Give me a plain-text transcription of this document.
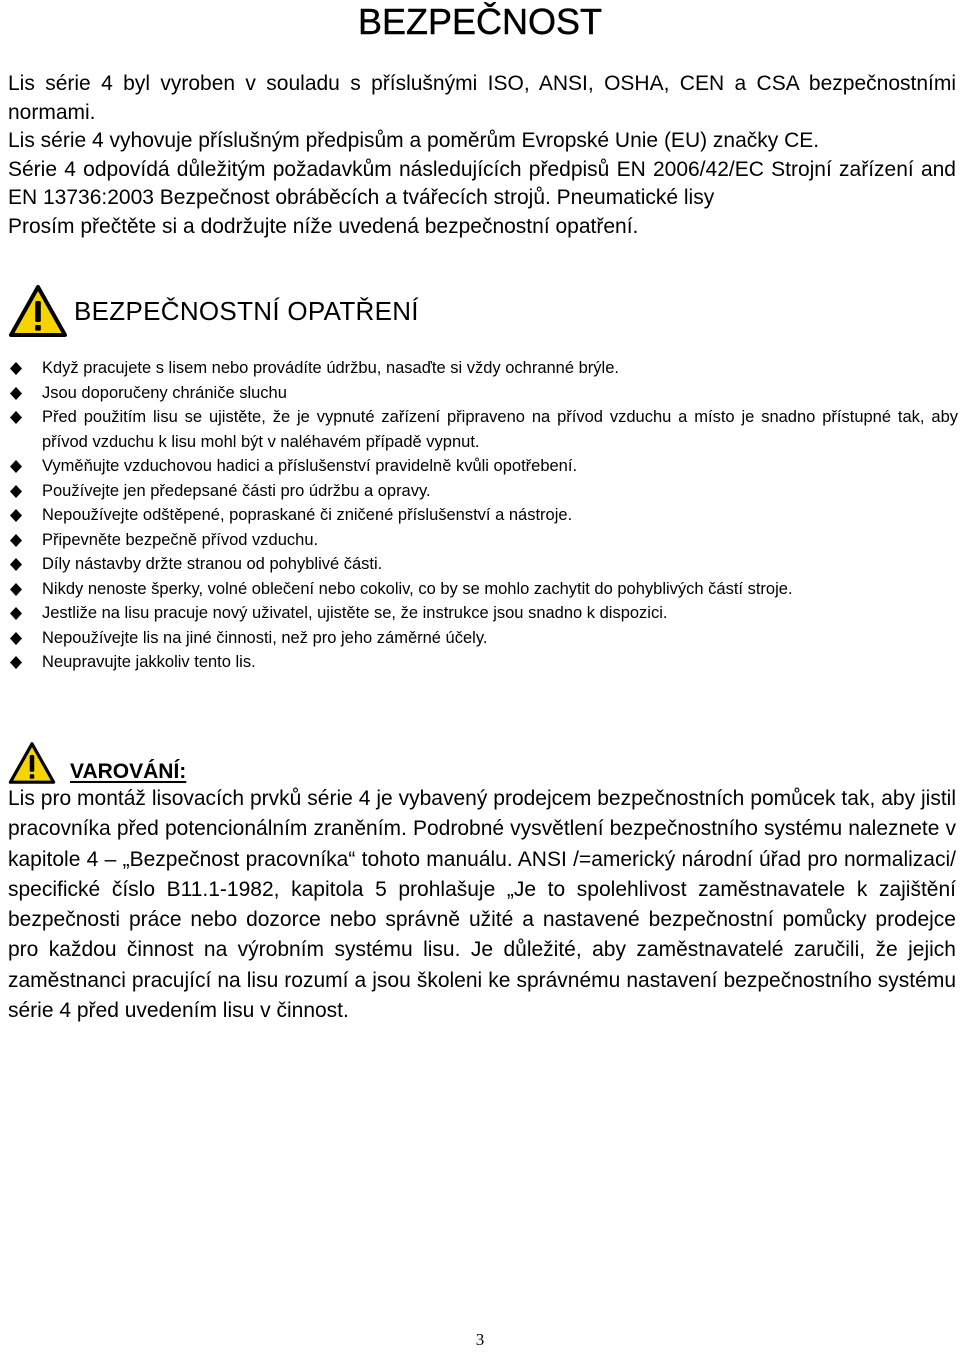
BEZPEČNOST

Lis série 4 byl vyroben v souladu s příslušnými ISO, ANSI, OSHA, CEN a CSA bezpečnostními normami.

Lis série 4 vyhovuje příslušným předpisům a poměrům Evropské Unie (EU) značky CE.

Série 4 odpovídá důležitým požadavkům následujících předpisů EN 2006/42/EC Strojní zařízení and EN 13736:2003 Bezpečnost obráběcích a tvářecích strojů. Pneumatické lisy

Prosím přečtěte si a dodržujte níže uvedená bezpečnostní opatření.

BEZPEČNOSTNÍ OPATŘENÍ
Když pracujete s lisem nebo provádíte údržbu, nasaďte si vždy ochranné brýle.
Jsou doporučeny chrániče sluchu
Před použitím lisu se ujistěte, že je vypnuté zařízení připraveno na přívod vzduchu a místo je snadno přístupné tak, aby přívod vzduchu k lisu mohl být v naléhavém případě vypnut.
Vyměňujte vzduchovou hadici a příslušenství pravidelně kvůli opotřebení.
Používejte jen předepsané části pro údržbu a opravy.
Nepoužívejte odštěpené, popraskané či zničené příslušenství a nástroje.
Připevněte bezpečně přívod vzduchu.
Díly nástavby držte stranou od pohyblivé části.
Nikdy nenoste šperky, volné oblečení nebo cokoliv, co by se mohlo zachytit do pohyblivých částí stroje.
Jestliže na lisu pracuje nový uživatel, ujistěte se, že instrukce jsou snadno k dispozici.
Nepoužívejte lis na jiné činnosti, než pro jeho záměrné účely.
Neupravujte jakkoliv tento lis.
VAROVÁNÍ:

Lis pro montáž lisovacích prvků série 4 je vybavený prodejcem bezpečnostních pomůcek tak, aby jistil pracovníka před potencionálním zraněním. Podrobné vysvětlení bezpečnostního systému naleznete v kapitole 4 – „Bezpečnost pracovníka“ tohoto manuálu. ANSI /=americký národní úřad pro normalizaci/ specifické číslo B11.1-1982, kapitola 5 prohlašuje „Je to spolehlivost zaměstnavatele k zajištění bezpečnosti práce nebo dozorce nebo správně užité a nastavené bezpečnostní pomůcky prodejce pro každou činnost na výrobním systému lisu. Je důležité, aby zaměstnavatelé zaručili, že jejich zaměstnanci pracující na lisu rozumí a jsou školeni ke správnému nastavení bezpečnostního systému série 4 před uvedením lisu v činnost.

3
